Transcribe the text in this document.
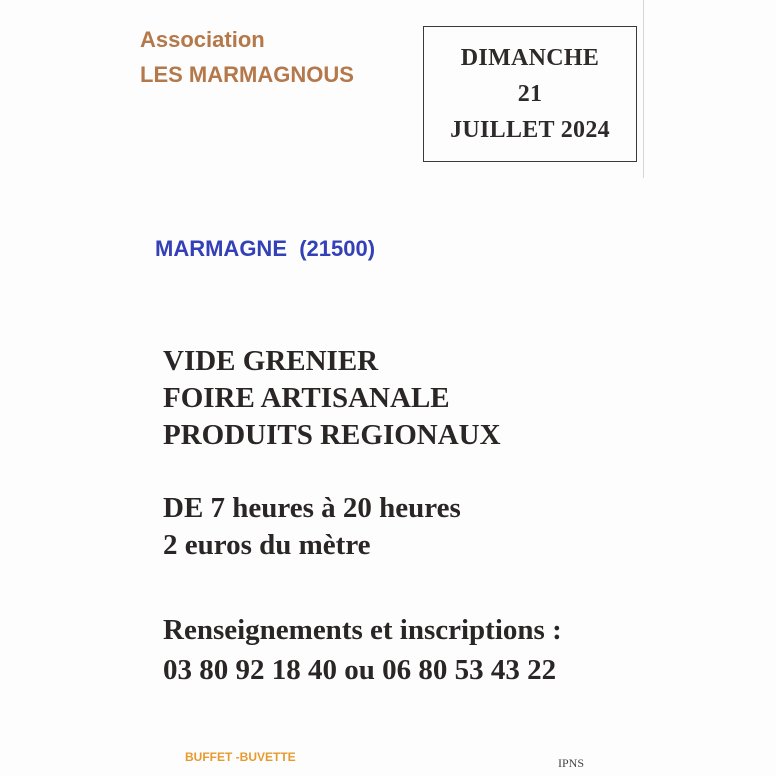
Association
LES MARMAGNOUS
DIMANCHE
21
JUILLET 2024
MARMAGNE (21500)
VIDE GRENIER
FOIRE ARTISANALE
PRODUITS REGIONAUX
DE 7 heures à 20 heures
2 euros du mètre
Renseignements et inscriptions :
03 80 92 18 40 ou 06 80 53 43 22
BUFFET -BUVETTE	IPNS
